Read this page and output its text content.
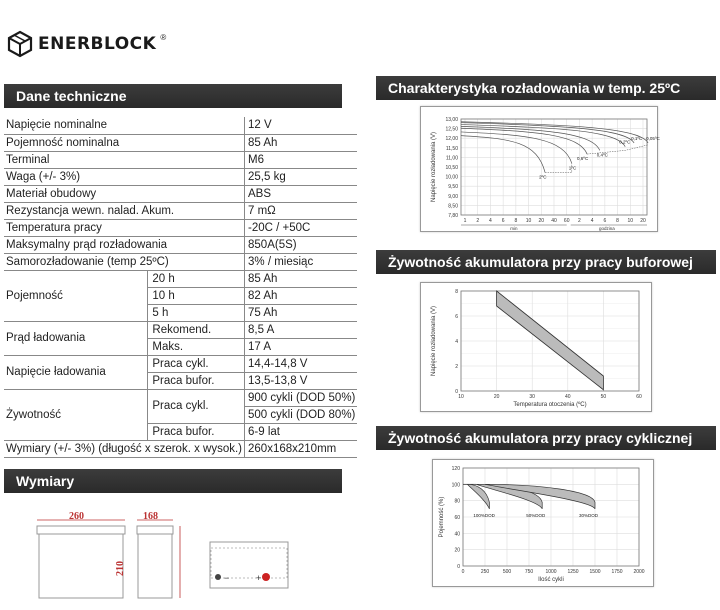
ENERBLOCK ®
Dane techniczne
Wymiary
Charakterystyka rozładowania w temp. 25ºC
Żywotność akumulatora przy pracy buforowej
Żywotność akumulatora przy pracy cyklicznej
Napięcie nominalne		12 V
Pojemność nominalna		85 Ah
Terminal		M6
Waga (+/- 3%)		25,5 kg
Materiał obudowy		ABS
Rezystancja wewn. nalad. Akum.		7 mΩ
Temperatura pracy		-20C / +50C
Maksymalny prąd rozładowania		850A(5S)
Samorozładowanie (temp 25ºC)		3% / miesiąc
Pojemność	20 h	85 Ah
	10 h	82 Ah
	5 h	75 Ah
Prąd ładowania	Rekomend.	8,5 A
	Maks.	17 A
Napięcie ładowania	Praca cykl.	14,4-14,8 V
	Praca bufor.	13,5-13,8 V
Żywotność	Praca cykl.	900 cykli (DOD 50%)
		500 cykli (DOD 80%)
	Praca bufor.	6-9 lat
Wymiary (+/- 3%) (długość x szerok. x wysok.)		260x168x210mm
260	168
210
−	+
13,00
12,50
12,00
11,50
11,00
10,50
10,00
9,50
9,00
8,50
7,80
1 2 4 6 8 10 20 40 60 2 4 6 8 10 20
min	godzina
Napięcie rozładowania (V)	2ºC
1ºC
0,6ºC
0,4ºC
0,2ºC
0,1ºC 0,05ºC
8
6
4
2
0
10	20	30	40	50	60
Temperatura otoczenia (ºC)
Napięcie rozładowania (V)
120
100
80
60
40
20
0
0	250	500	750 1000 1250 1500 1750 2000
100%DOD	50%DOD	30%DOD
Ilość cykli
Pojemność (%)
